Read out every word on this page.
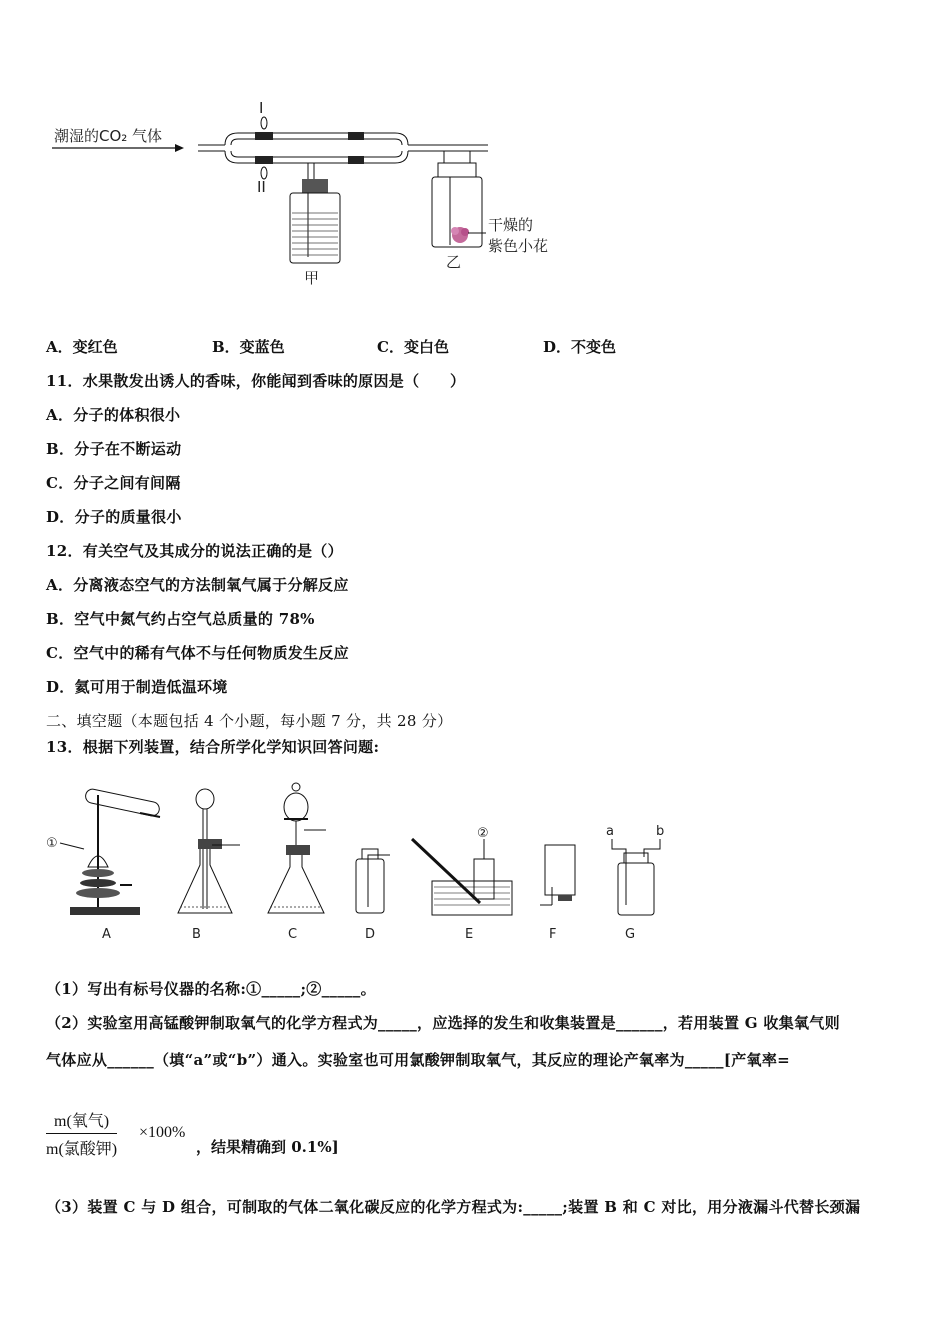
潮湿的CO₂ 气体
I
II
甲
干燥的
紫色小花
乙
A．变红色	B．变蓝色	C．变白色	D．不变色
11．水果散发出诱人的香味，你能闻到香味的原因是（　　）
A．分子的体积很小
B．分子在不断运动
C．分子之间有间隔
D．分子的质量很小
12．有关空气及其成分的说法正确的是（）
A．分离液态空气的方法制氧气属于分解反应
B．空气中氮气约占空气总质量的 78%
C．空气中的稀有气体不与任何物质发生反应
D．氦可用于制造低温环境
二、填空题（本题包括 4 个小题，每小题 7 分，共 28 分）
13．根据下列装置，结合所学化学知识回答问题:
①
A	B	C	D
②
E	F
a	b
G
（1）写出有标号仪器的名称:①_____;②_____。
（2）实验室用高锰酸钾制取氧气的化学方程式为_____，应选择的发生和收集装置是______，若用装置 G 收集氧气则
气体应从______（填“a”或“b”）通入。实验室也可用氯酸钾制取氧气，其反应的理论产氧率为_____[产氧率=
m(氧气)
m(氯酸钾)
×100%
，结果精确到 0.1%]
（3）装置 C 与 D 组合，可制取的气体二氧化碳反应的化学方程式为:_____;装置 B 和 C 对比，用分液漏斗代替长颈漏
